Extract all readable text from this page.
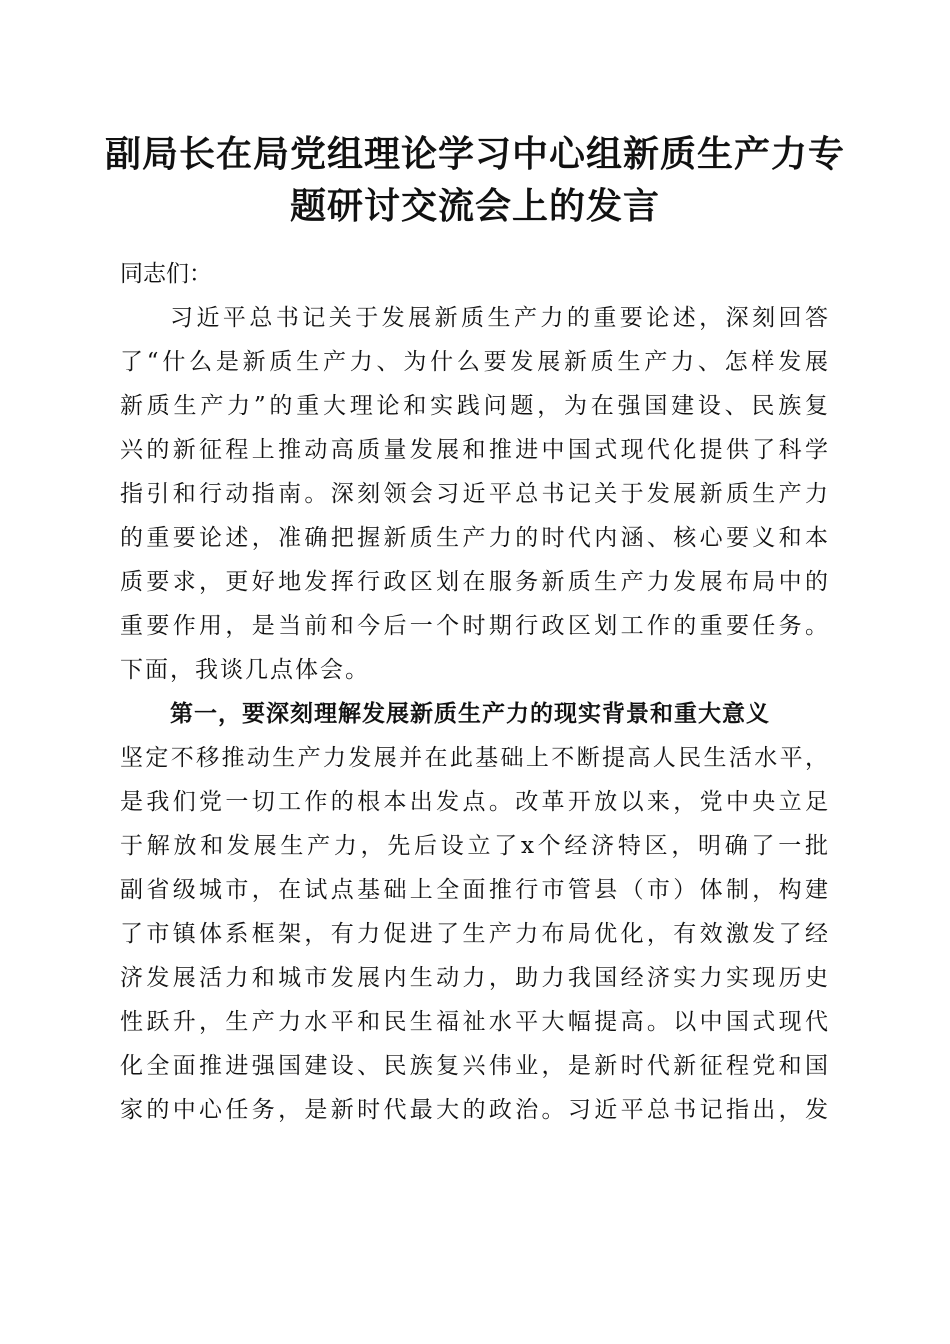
副局长在局党组理论学习中心组新质生产力专
题研讨交流会上的发言
同志们：
习近平总书记关于发展新质生产力的重要论述，深刻回答
了“什么是新质生产力、为什么要发展新质生产力、怎样发展
新质生产力”的重大理论和实践问题，为在强国建设、民族复
兴的新征程上推动高质量发展和推进中国式现代化提供了科学
指引和行动指南。深刻领会习近平总书记关于发展新质生产力
的重要论述，准确把握新质生产力的时代内涵、核心要义和本
质要求，更好地发挥行政区划在服务新质生产力发展布局中的
重要作用，是当前和今后一个时期行政区划工作的重要任务。
下面，我谈几点体会。
第一，要深刻理解发展新质生产力的现实背景和重大意义
坚定不移推动生产力发展并在此基础上不断提高人民生活水平，
是我们党一切工作的根本出发点。改革开放以来，党中央立足
于解放和发展生产力，先后设立了x个经济特区，明确了一批
副省级城市，在试点基础上全面推行市管县（市）体制，构建
了市镇体系框架，有力促进了生产力布局优化，有效激发了经
济发展活力和城市发展内生动力，助力我国经济实力实现历史
性跃升，生产力水平和民生福祉水平大幅提高。以中国式现代
化全面推进强国建设、民族复兴伟业，是新时代新征程党和国
家的中心任务，是新时代最大的政治。习近平总书记指出，发
